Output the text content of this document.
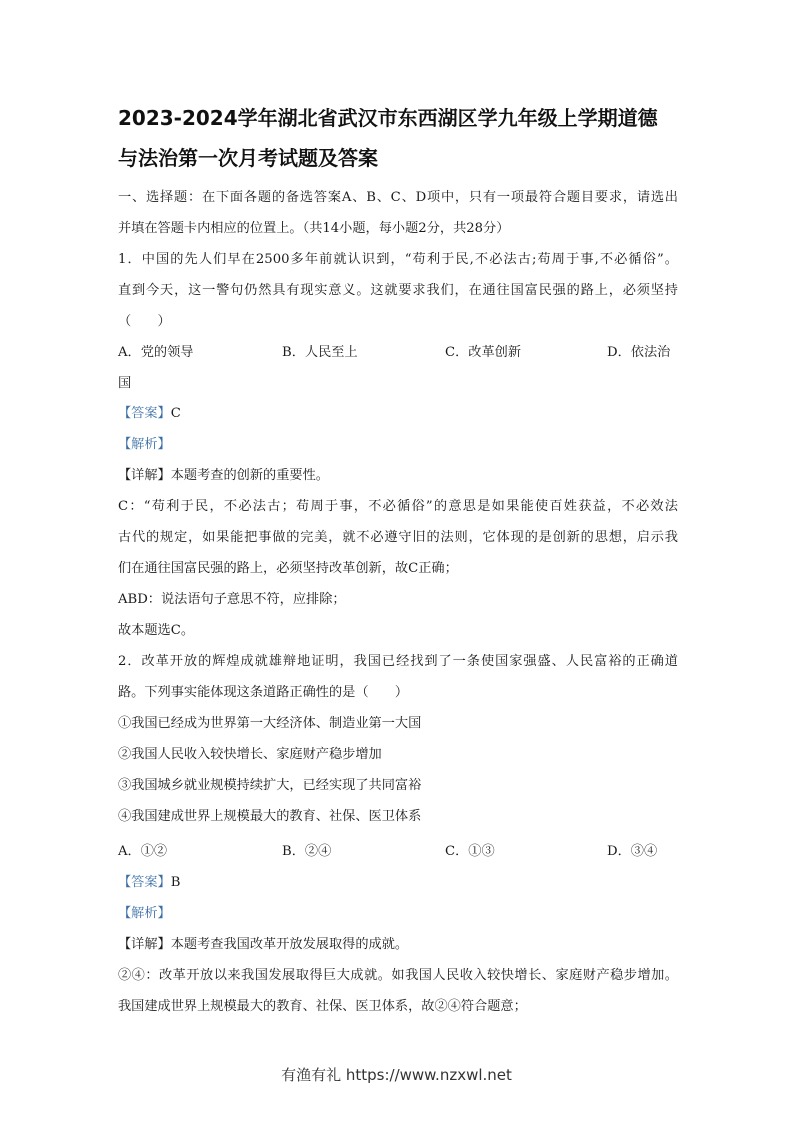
2023-2024学年湖北省武汉市东西湖区学九年级上学期道德
与法治第一次月考试题及答案
一、选择题：在下面各题的备选答案A、B、C、D项中，只有一项最符合题目要求，请选出
并填在答题卡内相应的位置上。（共14小题，每小题2分，共28分）
1．中国的先人们早在2500多年前就认识到，“苟利于民,不必法古;苟周于事,不必循俗”。
直到今天，这一警句仍然具有现实意义。这就要求我们，在通往国富民强的路上，必须坚持
（　　）
A．党的领导	B．人民至上	C．改革创新	D．依法治
国
【答案】C
【解析】
【详解】本题考查的创新的重要性。
C：“苟利于民，不必法古；苟周于事，不必循俗”的意思是如果能使百姓获益，不必效法
古代的规定，如果能把事做的完美，就不必遵守旧的法则，它体现的是创新的思想，启示我
们在通往国富民强的路上，必须坚持改革创新，故C正确；
ABD：说法语句子意思不符，应排除；
故本题选C。
2．改革开放的辉煌成就雄辩地证明，我国已经找到了一条使国家强盛、人民富裕的正确道
路。下列事实能体现这条道路正确性的是（　　）
①我国已经成为世界第一大经济体、制造业第一大国
②我国人民收入较快增长、家庭财产稳步增加
③我国城乡就业规模持续扩大，已经实现了共同富裕
④我国建成世界上规模最大的教育、社保、医卫体系
A．①②	B．②④	C．①③	D．③④
【答案】B
【解析】
【详解】本题考查我国改革开放发展取得的成就。
②④：改革开放以来我国发展取得巨大成就。如我国人民收入较快增长、家庭财产稳步增加。
我国建成世界上规模最大的教育、社保、医卫体系，故②④符合题意；
有渔有礼 https://www.nzxwl.net
